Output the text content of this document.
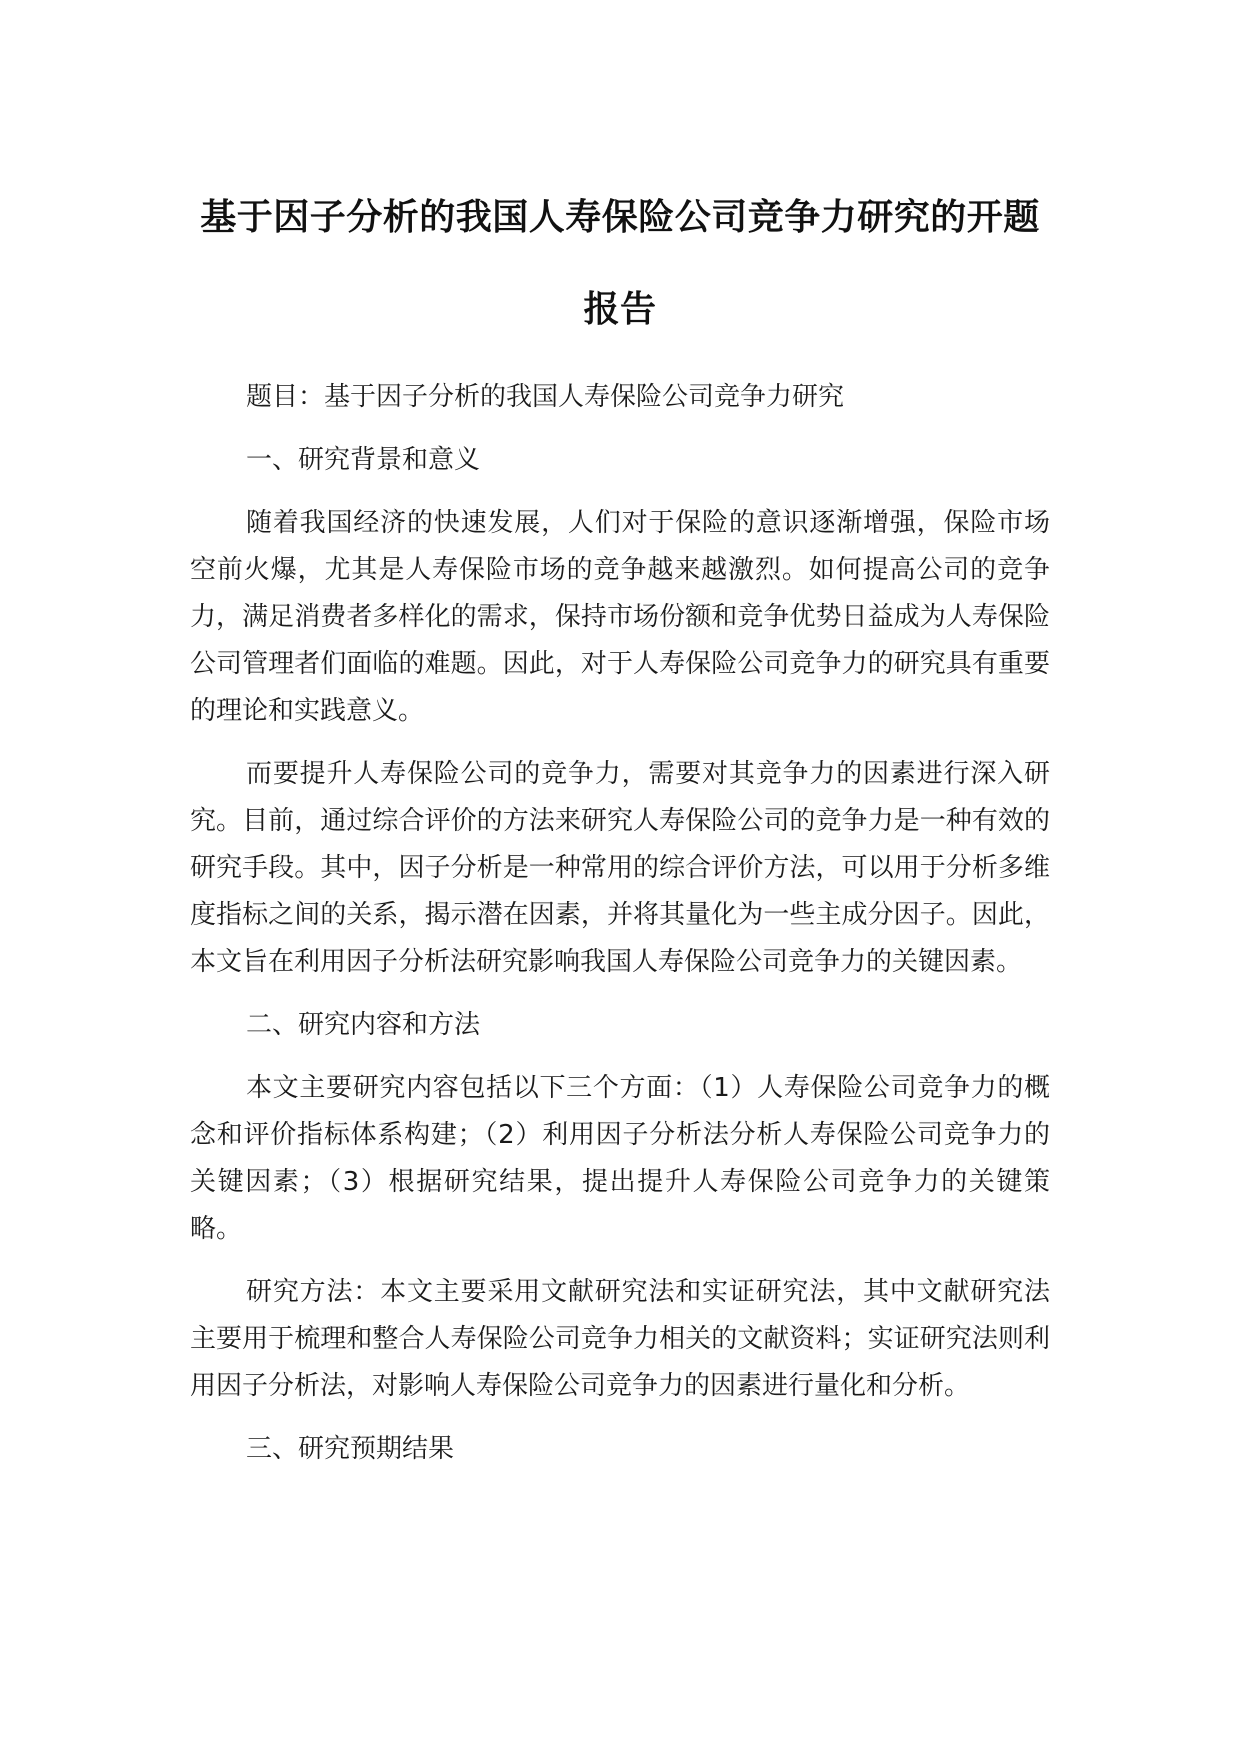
基于因子分析的我国人寿保险公司竞争力研究的开题报告

题目：基于因子分析的我国人寿保险公司竞争力研究

一、研究背景和意义

随着我国经济的快速发展，人们对于保险的意识逐渐增强，保险市场空前火爆，尤其是人寿保险市场的竞争越来越激烈。如何提高公司的竞争力，满足消费者多样化的需求，保持市场份额和竞争优势日益成为人寿保险公司管理者们面临的难题。因此，对于人寿保险公司竞争力的研究具有重要的理论和实践意义。

而要提升人寿保险公司的竞争力，需要对其竞争力的因素进行深入研究。目前，通过综合评价的方法来研究人寿保险公司的竞争力是一种有效的研究手段。其中，因子分析是一种常用的综合评价方法，可以用于分析多维度指标之间的关系，揭示潜在因素，并将其量化为一些主成分因子。因此，本文旨在利用因子分析法研究影响我国人寿保险公司竞争力的关键因素。

二、研究内容和方法

本文主要研究内容包括以下三个方面：（1）人寿保险公司竞争力的概念和评价指标体系构建；（2）利用因子分析法分析人寿保险公司竞争力的关键因素；（3）根据研究结果，提出提升人寿保险公司竞争力的关键策略。

研究方法：本文主要采用文献研究法和实证研究法，其中文献研究法主要用于梳理和整合人寿保险公司竞争力相关的文献资料；实证研究法则利用因子分析法，对影响人寿保险公司竞争力的因素进行量化和分析。

三、研究预期结果
